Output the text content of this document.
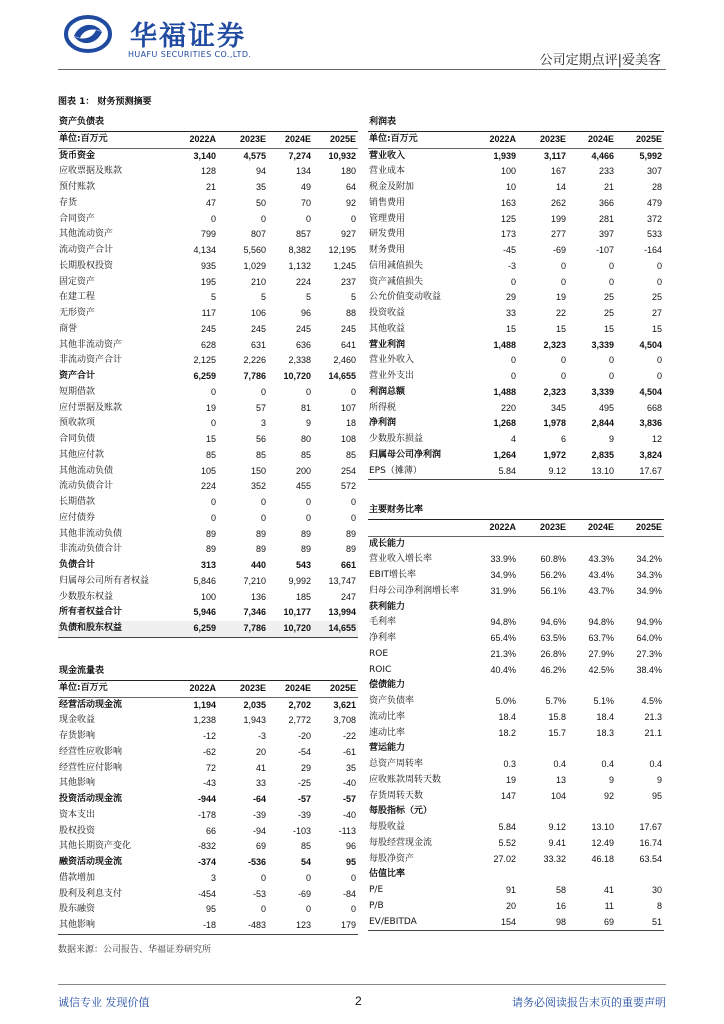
华福证券
HUAFU SECURITIES CO.,LTD.	公司定期点评|爱美客
图表 1： 财务预测摘要
资产负债表				
单位:百万元	2022A	2023E	2024E	2025E
货币资金	3,140	4,575	7,274	10,932
应收票据及账款	128	94	134	180
预付账款	21	35	49	64
存货	47	50	70	92
合同资产	0	0	0	0
其他流动资产	799	807	857	927
流动资产合计	4,134	5,560	8,382	12,195
长期股权投资	935	1,029	1,132	1,245
固定资产	195	210	224	237
在建工程	5	5	5	5
无形资产	117	106	96	88
商誉	245	245	245	245
其他非流动资产	628	631	636	641
非流动资产合计	2,125	2,226	2,338	2,460
资产合计	6,259	7,786	10,720	14,655
短期借款	0	0	0	0
应付票据及账款	19	57	81	107
预收款项	0	3	9	18
合同负债	15	56	80	108
其他应付款	85	85	85	85
其他流动负债	105	150	200	254
流动负债合计	224	352	455	572
长期借款	0	0	0	0
应付债券	0	0	0	0
其他非流动负债	89	89	89	89
非流动负债合计	89	89	89	89
负债合计	313	440	543	661
归属母公司所有者权益	5,846	7,210	9,992	13,747
少数股东权益	100	136	185	247
所有者权益合计	5,946	7,346	10,177	13,994
负债和股东权益	6,259	7,786	10,720	14,655
现金流量表				
单位:百万元	2022A	2023E	2024E	2025E
经营活动现金流	1,194	2,035	2,702	3,621
现金收益	1,238	1,943	2,772	3,708
存货影响	-12	-3	-20	-22
经营性应收影响	-62	20	-54	-61
经营性应付影响	72	41	29	35
其他影响	-43	33	-25	-40
投资活动现金流	-944	-64	-57	-57
资本支出	-178	-39	-39	-40
股权投资	66	-94	-103	-113
其他长期资产变化	-832	69	85	96
融资活动现金流	-374	-536	54	95
借款增加	3	0	0	0
股利及利息支付	-454	-53	-69	-84
股东融资	95	0	0	0
其他影响	-18	-483	123	179
利润表				
单位:百万元	2022A	2023E	2024E	2025E
营业收入	1,939	3,117	4,466	5,992
营业成本	100	167	233	307
税金及附加	10	14	21	28
销售费用	163	262	366	479
管理费用	125	199	281	372
研发费用	173	277	397	533
财务费用	-45	-69	-107	-164
信用减值损失	-3	0	0	0
资产减值损失	0	0	0	0
公允价值变动收益	29	19	25	25
投资收益	33	22	25	27
其他收益	15	15	15	15
营业利润	1,488	2,323	3,339	4,504
营业外收入	0	0	0	0
营业外支出	0	0	0	0
利润总额	1,488	2,323	3,339	4,504
所得税	220	345	495	668
净利润	1,268	1,978	2,844	3,836
少数股东损益	4	6	9	12
归属母公司净利润	1,264	1,972	2,835	3,824
EPS（摊薄）	5.84	9.12	13.10	17.67
主要财务比率				
	2022A	2023E	2024E	2025E
成长能力				
营业收入增长率	33.9%	60.8%	43.3%	34.2%
EBIT增长率	34.9%	56.2%	43.4%	34.3%
归母公司净利润增长率	31.9%	56.1%	43.7%	34.9%
获利能力				
毛利率	94.8%	94.6%	94.8%	94.9%
净利率	65.4%	63.5%	63.7%	64.0%
ROE	21.3%	26.8%	27.9%	27.3%
ROIC	40.4%	46.2%	42.5%	38.4%
偿债能力				
资产负债率	5.0%	5.7%	5.1%	4.5%
流动比率	18.4	15.8	18.4	21.3
速动比率	18.2	15.7	18.3	21.1
营运能力				
总资产周转率	0.3	0.4	0.4	0.4
应收账款周转天数	19	13	9	9
存货周转天数	147	104	92	95
每股指标（元）				
每股收益	5.84	9.12	13.10	17.67
每股经营现金流	5.52	9.41	12.49	16.74
每股净资产	27.02	33.32	46.18	63.54
估值比率				
P/E	91	58	41	30
P/B	20	16	11	8
EV/EBITDA	154	98	69	51
数据来源：公司报告、华福证券研究所
诚信专业 发现价值	2	请务必阅读报告末页的重要声明
